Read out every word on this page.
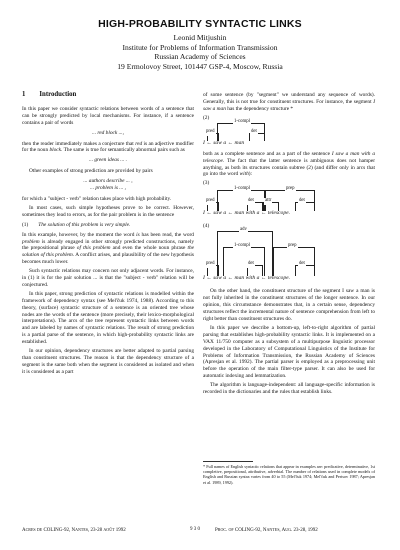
HIGH-PROBABILITY SYNTACTIC LINKS
Leonid Mitjushin
Institute for Problems of Information Transmission
Russian Academy of Sciences
19 Ermolovoy Street, 101447 GSP-4, Moscow, Russia
1 Introduction

In this paper we consider syntactic relations between words of a sentence that can be strongly predicted by local mechanisms. For instance, if a sentence contains a pair of words

... red block ...,

then the reader immediately makes a conjecture that red is an adjective modifier for the noun block. The same is true for semantically abnormal pairs such as

... green ideas ... .

Other examples of strong prediction are provided by pairs

... authors describe ... ,
... problem is ... ,

for which a "subject - verb" relation takes place with high probability.

In most cases, such simple hypotheses prove to be correct. However, sometimes they lead to errors, as for the pair problem is in the sentence

(1) The solution of this problem is very simple.

In this example, however, by the moment the word is has been read, the word problem is already engaged in other strongly predicted constructions, namely the prepositional phrase of this problem and even the whole noun phrase the solution of this problem. A conflict arises, and plausibility of the new hypothesis becomes much lower.

Such syntactic relations may concern not only adjacent words. For instance, in (1) it is for the pair solution ... is that the "subject - verb" relation will be conjectured.

In this paper, strong prediction of syntactic relations is modelled within the framework of dependency syntax (see Mel'čuk 1974, 1988). According to this theory, (surface) syntactic structure of a sentence is an oriented tree whose nodes are the words of the sentence (more precisely, their lexico-morphological interpretations). The arcs of the tree represent syntactic links between words and are labeled by names of syntactic relations. The result of strong prediction is a partial parse of the sentence, in which high-probability syntactic links are established.

In our opinion, dependency structures are better adapted to partial parsing than constituent structures. The reason is that the dependency structure of a segment is the same both when the segment is considered as isolated and when it is considered as a part

of some sentence (by "segment" we understand any sequence of words). Generally, this is not true for constituent structures. For instance, the segment I saw a man has the dependency structure *

(2)
1-compl
pred	det
I ← saw a ← man

both as a complete sentence and as a part of the sentence I saw a man with a telescope. The fact that the latter sentence is ambiguous does not hamper anything, as both its structures contain subtree (2) (and differ only in arcs that go into the word with):

(3)
1-compl	prep
pred	det attr	det
I ← saw a ← man with a ← telescope.
(4)
adv
1-compl	prep
pred	det	det
I ← saw a ← man with a ← telescope.

On the other hand, the constituent structure of the segment I saw a man is not fully inherited in the constituent structures of the longer sentence. In our opinion, this circumstance demonstrates that, in a certain sense, dependency structures reflect the incremental nature of sentence comprehension from left to right better than constituent structures do.

In this paper we describe a bottom-up, left-to-right algorithm of partial parsing that establishes high-probability syntactic links. It is implemented on a VAX 11/750 computer as a subsystem of a multipurpose linguistic processor developed in the Laboratory of Computational Linguistics of the Institute for Problems of Information Transmission, the Russian Academy of Sciences (Apresjan et al. 1992). The partial parser is employed as a preprocessing unit before the operation of the main filter-type parser. It can also be used for automatic indexing and lemmatization.

The algorithm is language-independent: all language-specific information is recorded in the dictionaries and the rules that establish links.

* Full names of English syntactic relations that appear in examples are: predicative, determinative, 1st completive, prepositional, attributive, adverbial. The number of relations used in complete models of English and Russian syntax varies from 40 to 55 (Mel'čuk 1974; Mel'čuk and Pertsov 1987; Apresjan et al. 1989, 1992).
Acres de COLING-92, Nantes, 23-28 août 1992	9 3 0	Proc. of COLING-92, Nantes, Aug. 23-28, 1992
